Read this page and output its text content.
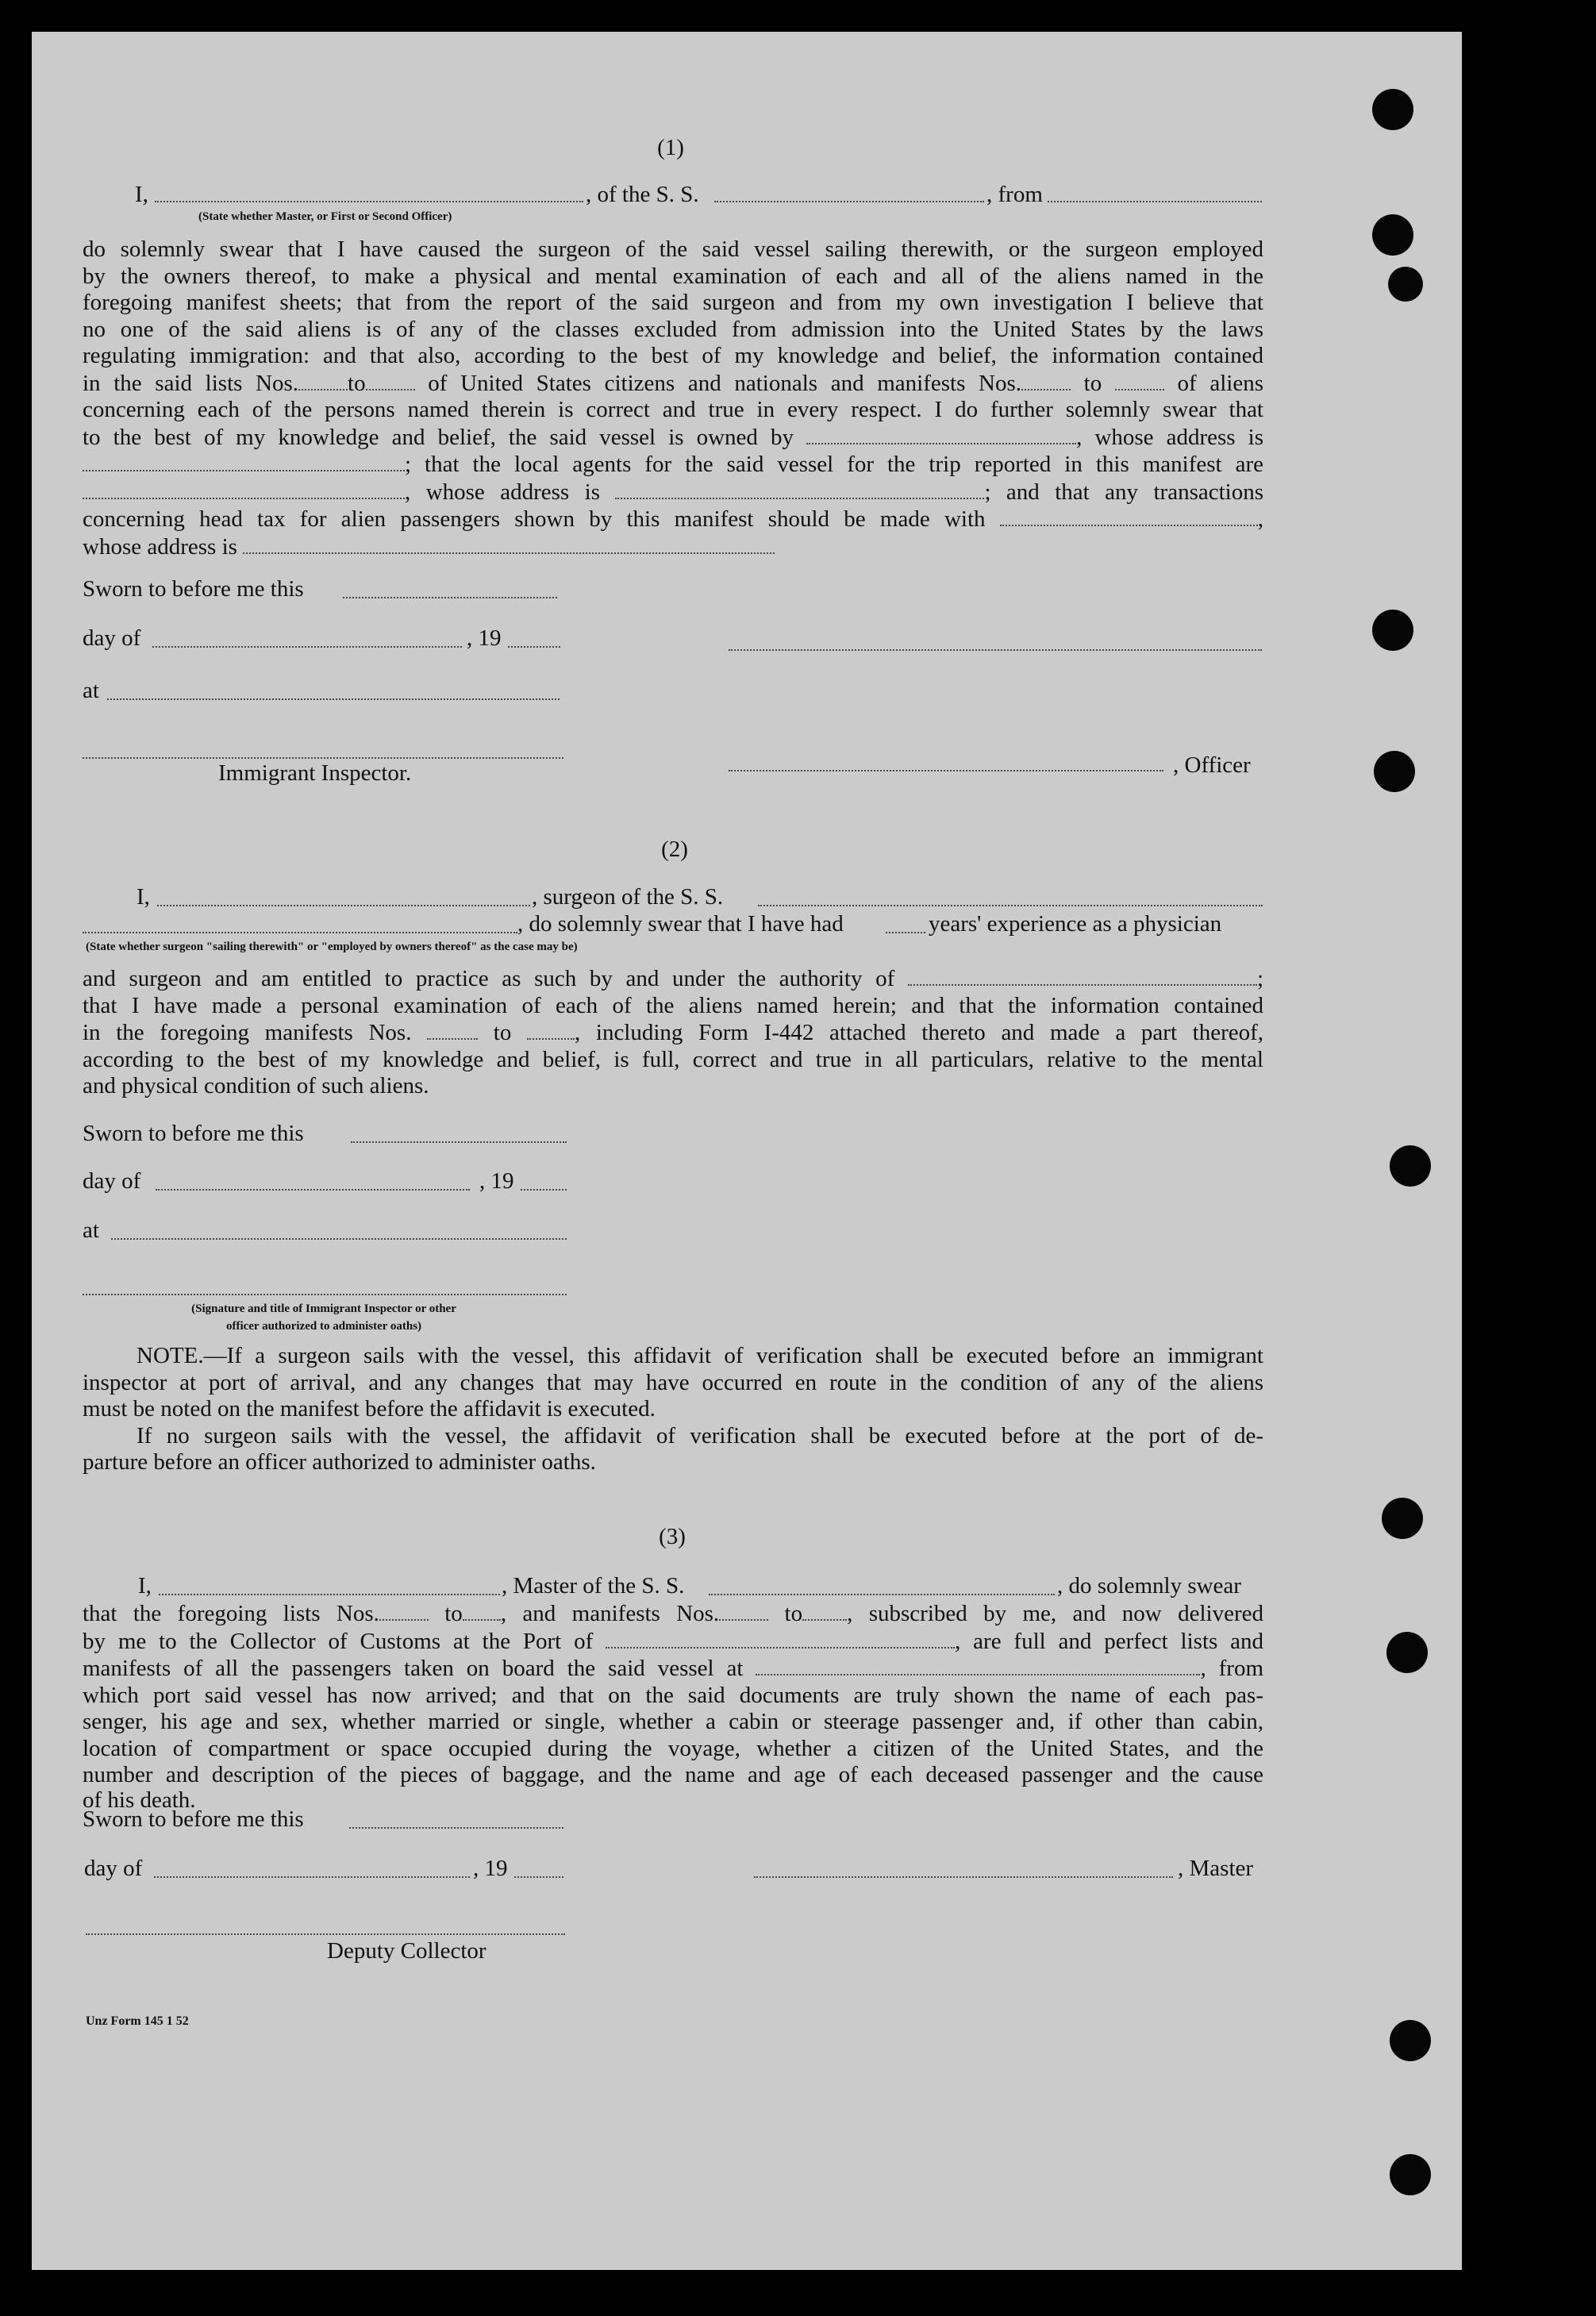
(1)
I,	, of the S. S.	, from
(State whether Master, or First or Second Officer)
do solemnly swear that I have caused the surgeon of the said vessel sailing therewith, or the surgeon employed
by the owners thereof, to make a physical and mental examination of each and all of the aliens named in the
foregoing manifest sheets; that from the report of the said surgeon and from my own investigation I believe that
no one of the said aliens is of any of the classes excluded from admission into the United States by the laws
regulating immigration: and that also, according to the best of my knowledge and belief, the information contained
in the said lists Nos. to	of United States citizens and nationals and manifests Nos.	to	of aliens
concerning each of the persons named therein is correct and true in every respect. I do further solemnly swear that
to the best of my knowledge and belief, the said vessel is owned by	, whose address is
; that the local agents for the said vessel for the trip reported in this manifest are
, whose address is	; and that any transactions
concerning head tax for alien passengers shown by this manifest should be made with	,
whose address is
Sworn to before me this
day of	, 19
at
, Officer
Immigrant Inspector.
(2)
I,	, surgeon of the S. S.
, do solemnly swear that I have had	years' experience as a physician
(State whether surgeon "sailing therewith" or "employed by owners thereof" as the case may be)
and surgeon and am entitled to practice as such by and under the authority of	;
that I have made a personal examination of each of the aliens named herein; and that the information contained
in the foregoing manifests Nos.	to	, including Form I-442 attached thereto and made a part thereof,
according to the best of my knowledge and belief, is full, correct and true in all particulars, relative to the mental
and physical condition of such aliens.
Sworn to before me this
day of	, 19
at
(Signature and title of Immigrant Inspector or other
officer authorized to administer oaths)
NOTE.—If a surgeon sails with the vessel, this affidavit of verification shall be executed before an immigrant
inspector at port of arrival, and any changes that may have occurred en route in the condition of any of the aliens
must be noted on the manifest before the affidavit is executed.
If no surgeon sails with the vessel, the affidavit of verification shall be executed before at the port of de-
parture before an officer authorized to administer oaths.
(3)
I,	, Master of the S. S.	, do solemnly swear
that the foregoing lists Nos.	to , and manifests Nos.	to , subscribed by me, and now delivered
by me to the Collector of Customs at the Port of	, are full and perfect lists and
manifests of all the passengers taken on board the said vessel at	, from
which port said vessel has now arrived; and that on the said documents are truly shown the name of each pas-
senger, his age and sex, whether married or single, whether a cabin or steerage passenger and, if other than cabin,
location of compartment or space occupied during the voyage, whether a citizen of the United States, and the
number and description of the pieces of baggage, and the name and age of each deceased passenger and the cause
of his death.
Sworn to before me this
day of	, 19	, Master
Deputy Collector
Unz Form 145 1 52
